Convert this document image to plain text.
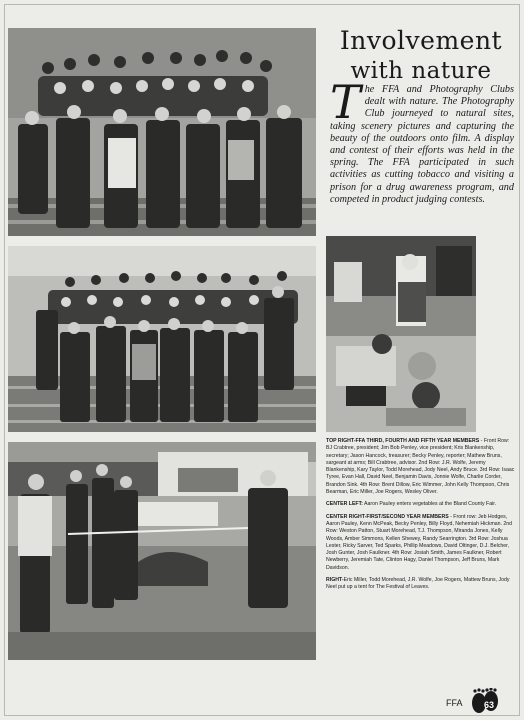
Involvement
with nature
The FFA and Photography Clubs dealt with nature. The Photography Club journeyed to natural sites, taking scenery pictures and capturing the beauty of the outdoors onto film. A display and contest of their efforts was held in the spring. The FFA participated in such activities as cutting tobacco and visiting a prison for a drug awareness program, and competed in product judging contests.

TOP RIGHT-FFA THIRD, FOURTH AND FIFTH YEAR MEMBERS - Front Row: BJ Crabtree, president; Jim Bob Penley, vice president; Kris Blankenship, secretary; Jason Hancock, treasurer; Becky Penley, reporter; Mathew Bruns, sargeant at arms; Bill Crabtree, advisor. 2nd Row: J.R. Wolfe, Jeremy Blankenship, Kary Taylor, Todd Morehead, Jody Neel, Andy Bruce. 3rd Row: Isaac Tyree, Evan Hall, David Neel, Benjamin Davis, Jonnie Wolfe, Charlie Corder, Brandon Sink. 4th Row: Brent Dillow, Eric Wimmer, John Kelly Thompson, Chris Bearman, Eric Miller, Joe Rogers, Wesley Oliver.

CENTER LEFT: Aaron Pauley enters vegetables at the Bland County Fair.

CENTER RIGHT-FIRST/SECOND YEAR MEMBERS - Front row: Jeb Hodges, Aaron Pauley, Kenn McPeak, Becky Penley, Billy Floyd, Nehemiah Hickman. 2nd Row: Weston Patton, Stuart Morehead, T.J. Thompson, Miranda Jones, Kelly Woods, Amber Simmons, Kellen Shewey, Randy Searrington. 3rd Row: Joshua Lester, Ricky Sarver, Ted Sparks, Phillip Meadows, David Oltinger, D.J. Belcher, Josh Gunter, Josh Faulkner. 4th Row: Josiah Smith, James Faulkner, Robert Newberry, Jeremiah Tate, Clinton Hagy, Daniel Thompson, Jeff Bruns, Mark Davidson.

RIGHT-Eric Miller, Todd Morehead, J.R. Wolfe, Joe Rogers, Mattew Bruns, Jody Neel put up a tent for The Festival of Leaves.

FFA	63
